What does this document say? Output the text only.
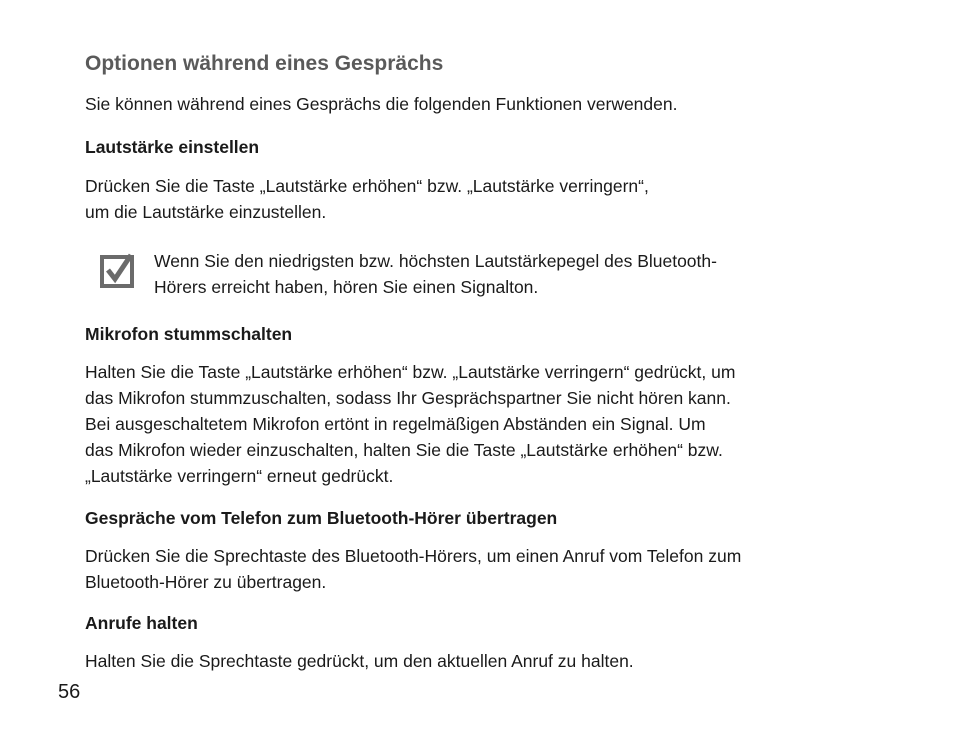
Optionen während eines Gesprächs
Sie können während eines Gesprächs die folgenden Funktionen verwenden.
Lautstärke einstellen
Drücken Sie die Taste „Lautstärke erhöhen“ bzw. „Lautstärke verringern“,
um die Lautstärke einzustellen.
Wenn Sie den niedrigsten bzw. höchsten Lautstärkepegel des Bluetooth-
Hörers erreicht haben, hören Sie einen Signalton.
Mikrofon stummschalten
Halten Sie die Taste „Lautstärke erhöhen“ bzw. „Lautstärke verringern“ gedrückt, um
das Mikrofon stummzuschalten, sodass Ihr Gesprächspartner Sie nicht hören kann.
Bei ausgeschaltetem Mikrofon ertönt in regelmäßigen Abständen ein Signal. Um
das Mikrofon wieder einzuschalten, halten Sie die Taste „Lautstärke erhöhen“ bzw.
„Lautstärke verringern“ erneut gedrückt.
Gespräche vom Telefon zum Bluetooth-Hörer übertragen
Drücken Sie die Sprechtaste des Bluetooth-Hörers, um einen Anruf vom Telefon zum
Bluetooth-Hörer zu übertragen.
Anrufe halten
Halten Sie die Sprechtaste gedrückt, um den aktuellen Anruf zu halten.
56
